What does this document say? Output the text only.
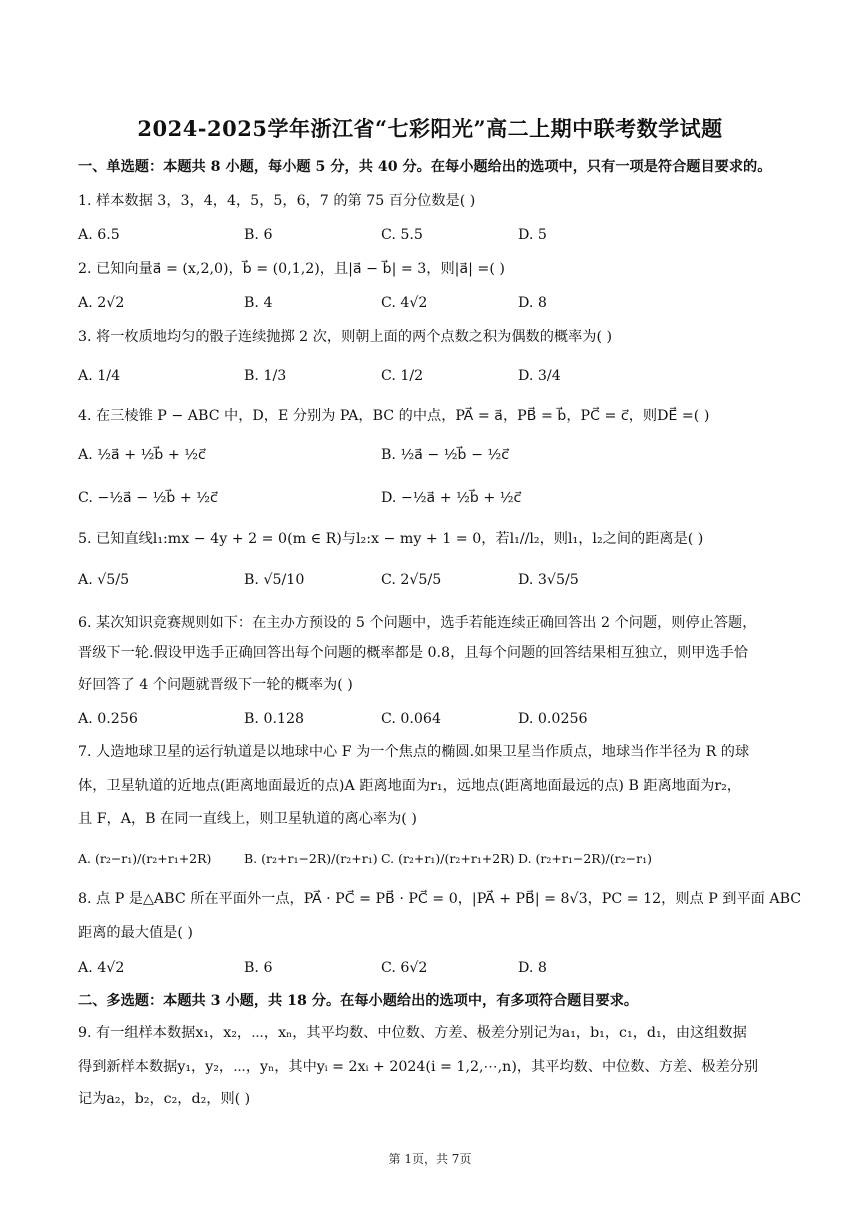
2024-2025学年浙江省“七彩阳光”高二上期中联考数学试题
一、单选题：本题共 8 小题，每小题 5 分，共 40 分。在每小题给出的选项中，只有一项是符合题目要求的。
1. 样本数据 3，3，4，4，5，5，6，7 的第 75 百分位数是( )
A. 6.5	B. 6	C. 5.5	D. 5
2. 已知向量a⃗ = (x,2,0)，b⃗ = (0,1,2)，且|a⃗ − b⃗| = 3，则|a⃗| =( )
A. 2√2	B. 4	C. 4√2	D. 8
3. 将一枚质地均匀的骰子连续抛掷 2 次，则朝上面的两个点数之积为偶数的概率为( )
A. 1/4	B. 1/3	C. 1/2	D. 3/4
4. 在三棱锥 P − ABC 中，D，E 分别为 PA，BC 的中点，PA⃗ = a⃗，PB⃗ = b⃗，PC⃗ = c⃗，则DE⃗ =( )
A. ½a⃗ + ½b⃗ + ½c⃗	B. ½a⃗ − ½b⃗ − ½c⃗
C. −½a⃗ − ½b⃗ + ½c⃗	D. −½a⃗ + ½b⃗ + ½c⃗
5. 已知直线l₁:mx − 4y + 2 = 0(m ∈ R)与l₂:x − my + 1 = 0，若l₁//l₂，则l₁，l₂之间的距离是( )
A. √5/5	B. √5/10	C. 2√5/5	D. 3√5/5
6. 某次知识竞赛规则如下：在主办方预设的 5 个问题中，选手若能连续正确回答出 2 个问题，则停止答题，
晋级下一轮.假设甲选手正确回答出每个问题的概率都是 0.8，且每个问题的回答结果相互独立，则甲选手恰
好回答了 4 个问题就晋级下一轮的概率为( )
A. 0.256	B. 0.128	C. 0.064	D. 0.0256
7. 人造地球卫星的运行轨道是以地球中心 F 为一个焦点的椭圆.如果卫星当作质点，地球当作半径为 R 的球
体，卫星轨道的近地点(距离地面最近的点)A 距离地面为r₁，远地点(距离地面最远的点) B 距离地面为r₂，
且 F，A，B 在同一直线上，则卫星轨道的离心率为( )
A. (r₂−r₁)/(r₂+r₁+2R)	B. (r₂+r₁−2R)/(r₂+r₁) C. (r₂+r₁)/(r₂+r₁+2R) D. (r₂+r₁−2R)/(r₂−r₁)
8. 点 P 是△ABC 所在平面外一点，PA⃗ · PC⃗ = PB⃗ · PC⃗ = 0，|PA⃗ + PB⃗| = 8√3，PC = 12，则点 P 到平面 ABC
距离的最大值是( )
A. 4√2	B. 6	C. 6√2	D. 8
二、多选题：本题共 3 小题，共 18 分。在每小题给出的选项中，有多项符合题目要求。
9. 有一组样本数据x₁，x₂，⋯，xₙ，其平均数、中位数、方差、极差分别记为a₁，b₁，c₁，d₁，由这组数据
得到新样本数据y₁，y₂，⋯，yₙ，其中yᵢ = 2xᵢ + 2024(i = 1,2,⋯,n)，其平均数、中位数、方差、极差分别
记为a₂，b₂，c₂，d₂，则( )
第 1页，共 7页
